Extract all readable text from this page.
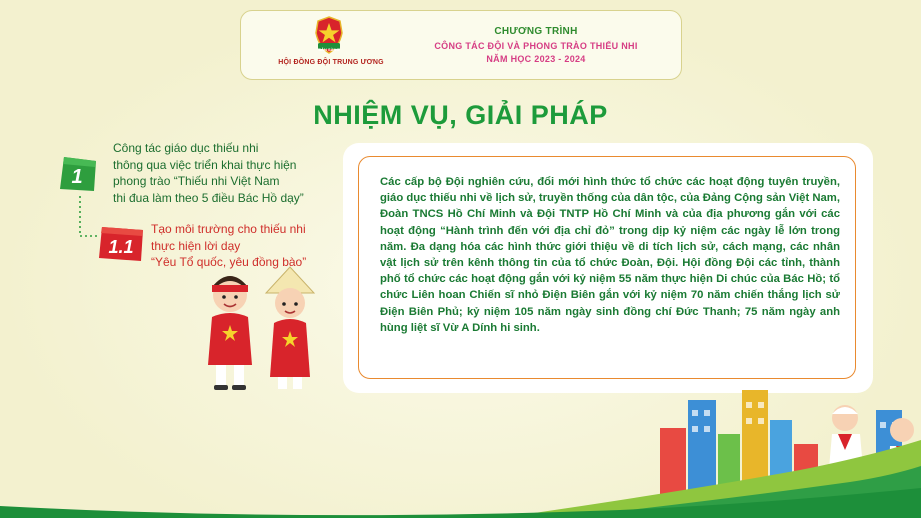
SẴN SÀNG
HỘI ĐỒNG ĐỘI TRUNG ƯƠNG
CHƯƠNG TRÌNH
CÔNG TÁC ĐỘI VÀ PHONG TRÀO THIẾU NHI
NĂM HỌC 2023 - 2024
NHIỆM VỤ, GIẢI PHÁP
1
1.1
Công tác giáo dục thiếu nhi
thông qua việc triển khai thực hiện
phong trào “Thiếu nhi Việt Nam
thi đua làm theo 5 điều Bác Hồ dạy”
Tạo môi trường cho thiếu nhi
thực hiện lời dạy
“Yêu Tổ quốc, yêu đồng bào”
Các cấp bộ Đội nghiên cứu, đổi mới hình thức tổ chức các hoạt động tuyên truyền, giáo dục thiếu nhi về lịch sử, truyền thống của dân tộc, của Đảng Cộng sản Việt Nam, Đoàn TNCS Hồ Chí Minh và Đội TNTP Hồ Chí Minh và của địa phương gắn với các hoạt động “Hành trình đến với địa chỉ đỏ” trong dịp kỷ niệm các ngày lễ lớn trong năm. Đa dạng hóa các hình thức giới thiệu về di tích lịch sử, cách mạng, các nhân vật lịch sử trên kênh thông tin của tổ chức Đoàn, Đội. Hội đồng Đội các tỉnh, thành phố tổ chức các hoạt động gắn với kỷ niệm 55 năm thực hiện Di chúc của Bác Hồ; tổ chức Liên hoan Chiến sĩ nhỏ Điện Biên gắn với kỷ niệm 70 năm chiến thắng lịch sử Điện Biên Phủ; kỷ niệm 105 năm ngày sinh đồng chí Đức Thanh; 75 năm ngày anh hùng liệt sĩ Vừ A Dính hi sinh.
